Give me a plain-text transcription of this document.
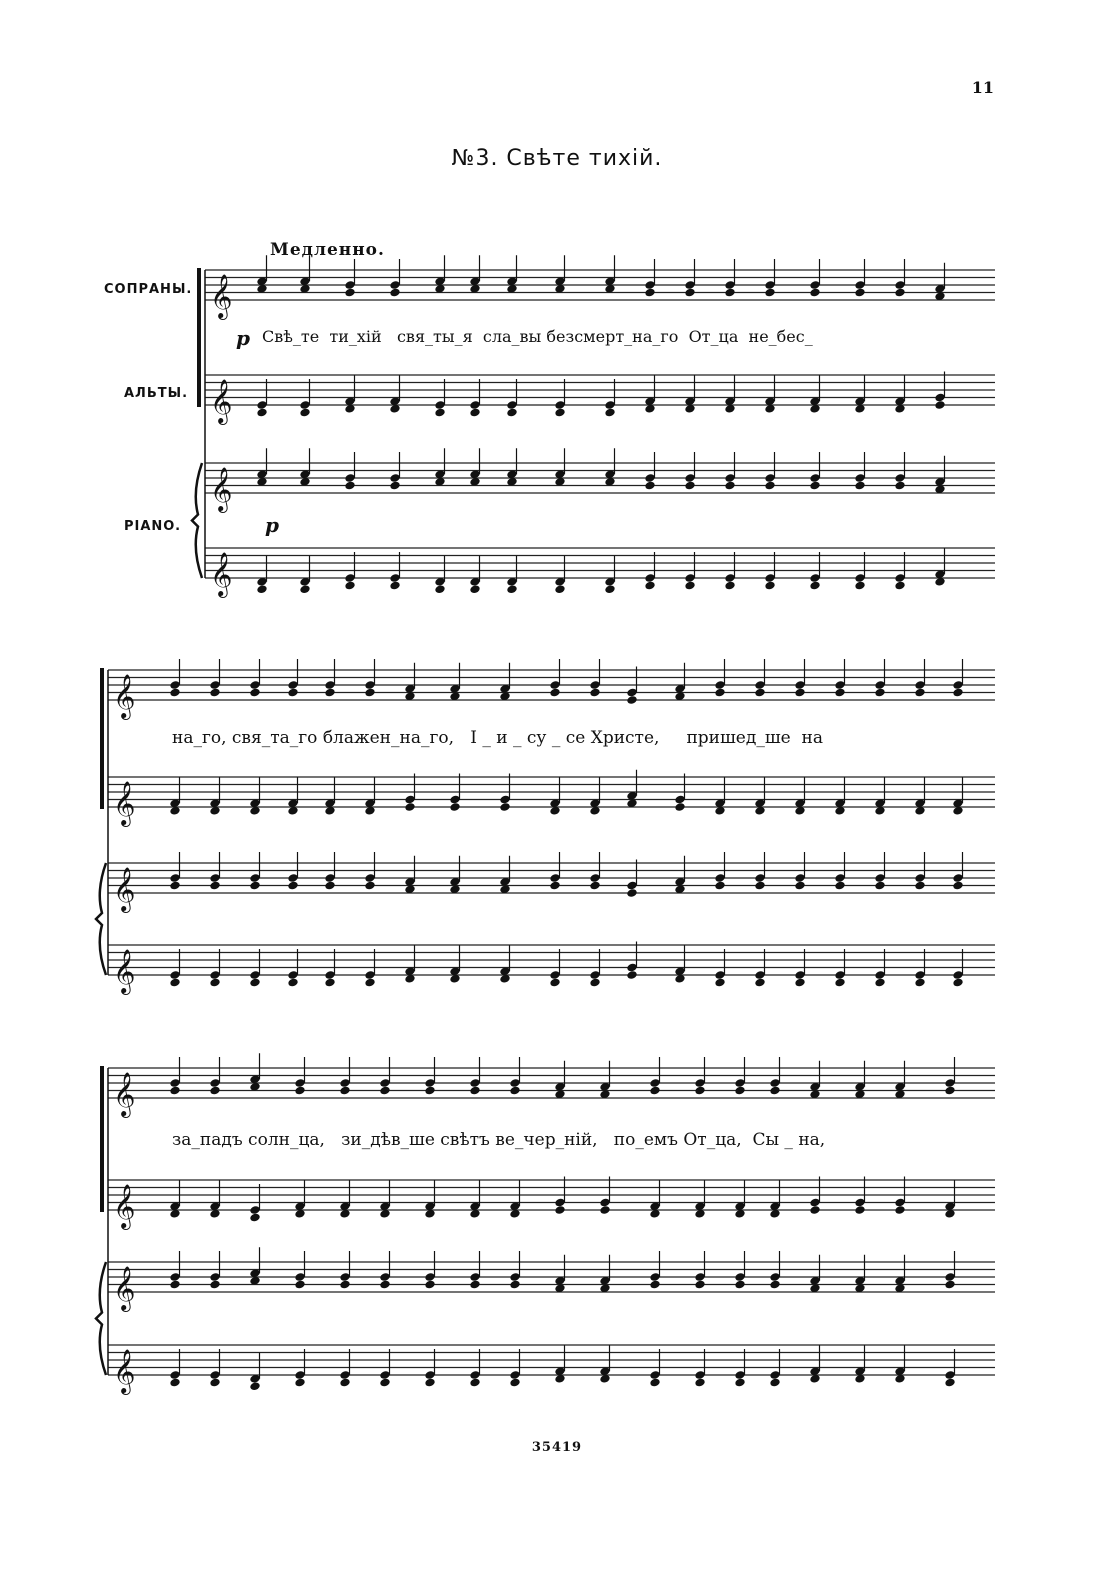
11
№3. Свѣте тихій.
Медленно.
СОПРАНЫ.
АЛЬТЫ.
PIANO.
p
p
Свѣ_те  ти_хій   свя_ты_я  сла_вы безсмерт_на_го  От_ца  не_бес_
на_го, свя_та_го блажен_на_го,   І _ и _ су _ се Христе,     пришед_ше  на
за_падъ солн_ца,   зи_дѣв_ше свѣтъ ве_чер_ній,   по_емъ От_ца,  Сы _ на,
35419
𝄞
𝄞
𝄞
𝄞
𝄞
𝄞
𝄞
𝄞
𝄞
𝄞
𝄞
𝄞
